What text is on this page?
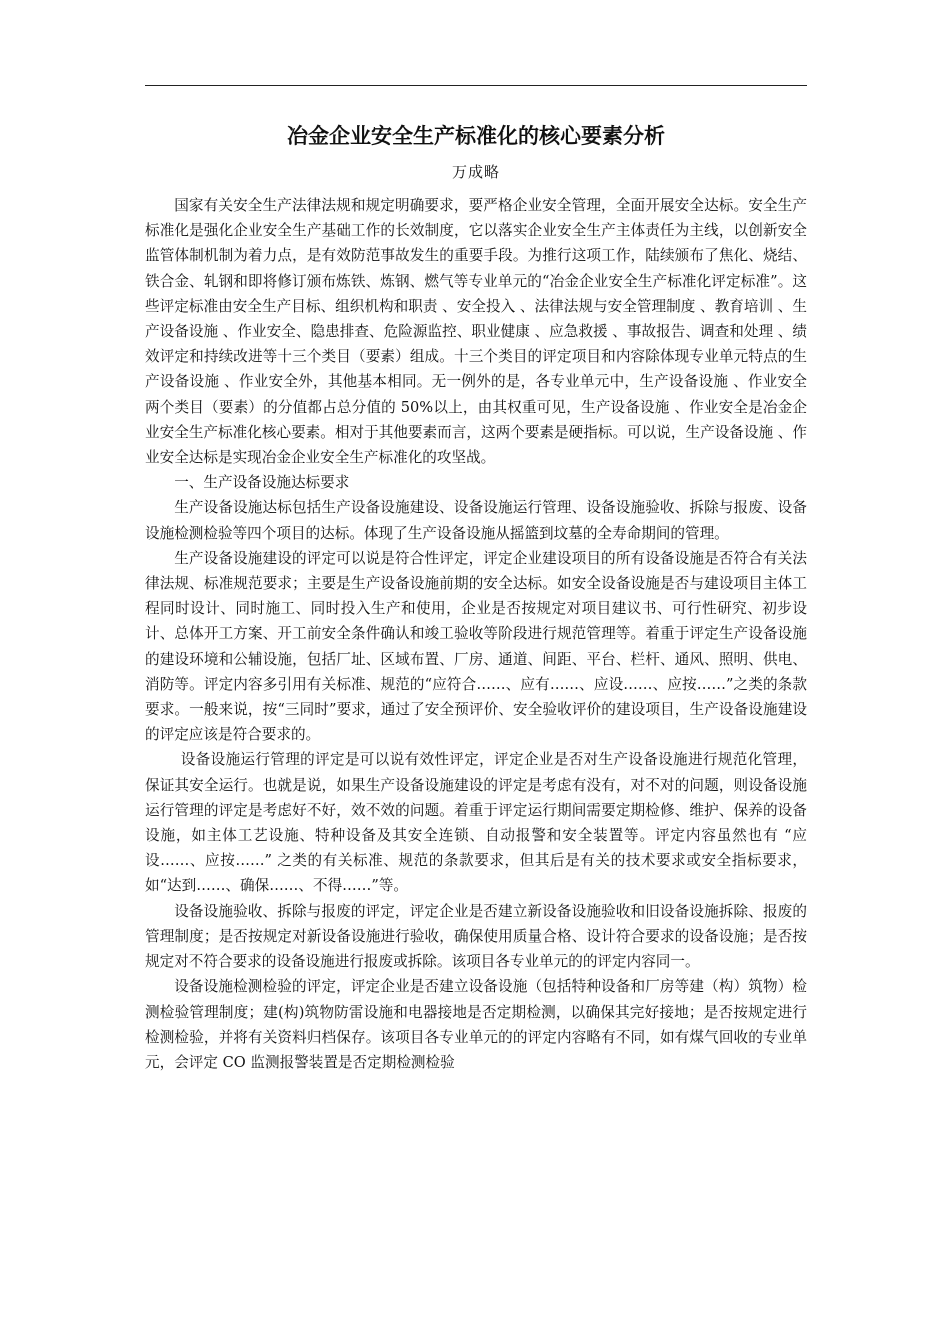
冶金企业安全生产标准化的核心要素分析
万成略

国家有关安全生产法律法规和规定明确要求，要严格企业安全管理，全面开展安全达标。安全生产标准化是强化企业安全生产基础工作的长效制度，它以落实企业安全生产主体责任为主线，以创新安全监管体制机制为着力点，是有效防范事故发生的重要手段。为推行这项工作，陆续颁布了焦化、烧结、铁合金、轧钢和即将修订颁布炼铁、炼钢、燃气等专业单元的“冶金企业安全生产标准化评定标准”。这些评定标准由安全生产目标、组织机构和职责 、安全投入 、法律法规与安全管理制度 、教育培训 、生产设备设施 、作业安全、隐患排查、危险源监控、职业健康 、应急救援 、事故报告、调查和处理 、绩效评定和持续改进等十三个类目（要素）组成。十三个类目的评定项目和内容除体现专业单元特点的生产设备设施 、作业安全外，其他基本相同。无一例外的是，各专业单元中，生产设备设施 、作业安全两个类目（要素）的分值都占总分值的 50%以上，由其权重可见，生产设备设施 、作业安全是冶金企业安全生产标准化核心要素。相对于其他要素而言，这两个要素是硬指标。可以说，生产设备设施 、作业安全达标是实现冶金企业安全生产标准化的攻坚战。

一、生产设备设施达标要求

生产设备设施达标包括生产设备设施建设、设备设施运行管理、设备设施验收、拆除与报废、设备设施检测检验等四个项目的达标。体现了生产设备设施从摇篮到坟墓的全寿命期间的管理。

生产设备设施建设的评定可以说是符合性评定，评定企业建设项目的所有设备设施是否符合有关法律法规、标准规范要求；主要是生产设备设施前期的安全达标。如安全设备设施是否与建设项目主体工程同时设计、同时施工、同时投入生产和使用，企业是否按规定对项目建议书、可行性研究、初步设计、总体开工方案、开工前安全条件确认和竣工验收等阶段进行规范管理等。着重于评定生产设备设施的建设环境和公辅设施，包括厂址、区域布置、厂房、通道、间距、平台、栏杆、通风、照明、供电、消防等。评定内容多引用有关标准、规范的“应符合……、应有……、应设……、应按……”之类的条款要求。一般来说，按“三同时”要求，通过了安全预评价、安全验收评价的建设项目，生产设备设施建设的评定应该是符合要求的。

设备设施运行管理的评定是可以说有效性评定，评定企业是否对生产设备设施进行规范化管理，保证其安全运行。也就是说，如果生产设备设施建设的评定是考虑有没有，对不对的问题，则设备设施运行管理的评定是考虑好不好，效不效的问题。着重于评定运行期间需要定期检修、维护、保养的设备设施，如主体工艺设施、特种设备及其安全连锁、自动报警和安全装置等。评定内容虽然也有 “应设……、应按……” 之类的有关标准、规范的条款要求，但其后是有关的技术要求或安全指标要求，如“达到……、确保……、不得……”等。

设备设施验收、拆除与报废的评定，评定企业是否建立新设备设施验收和旧设备设施拆除、报废的管理制度；是否按规定对新设备设施进行验收，确保使用质量合格、设计符合要求的设备设施；是否按规定对不符合要求的设备设施进行报废或拆除。该项目各专业单元的的评定内容同一。

设备设施检测检验的评定，评定企业是否建立设备设施（包括特种设备和厂房等建（构）筑物）检测检验管理制度；建(构)筑物防雷设施和电器接地是否定期检测，以确保其完好接地；是否按规定进行检测检验，并将有关资料归档保存。该项目各专业单元的的评定内容略有不同，如有煤气回收的专业单元，会评定 CO 监测报警装置是否定期检测检验
